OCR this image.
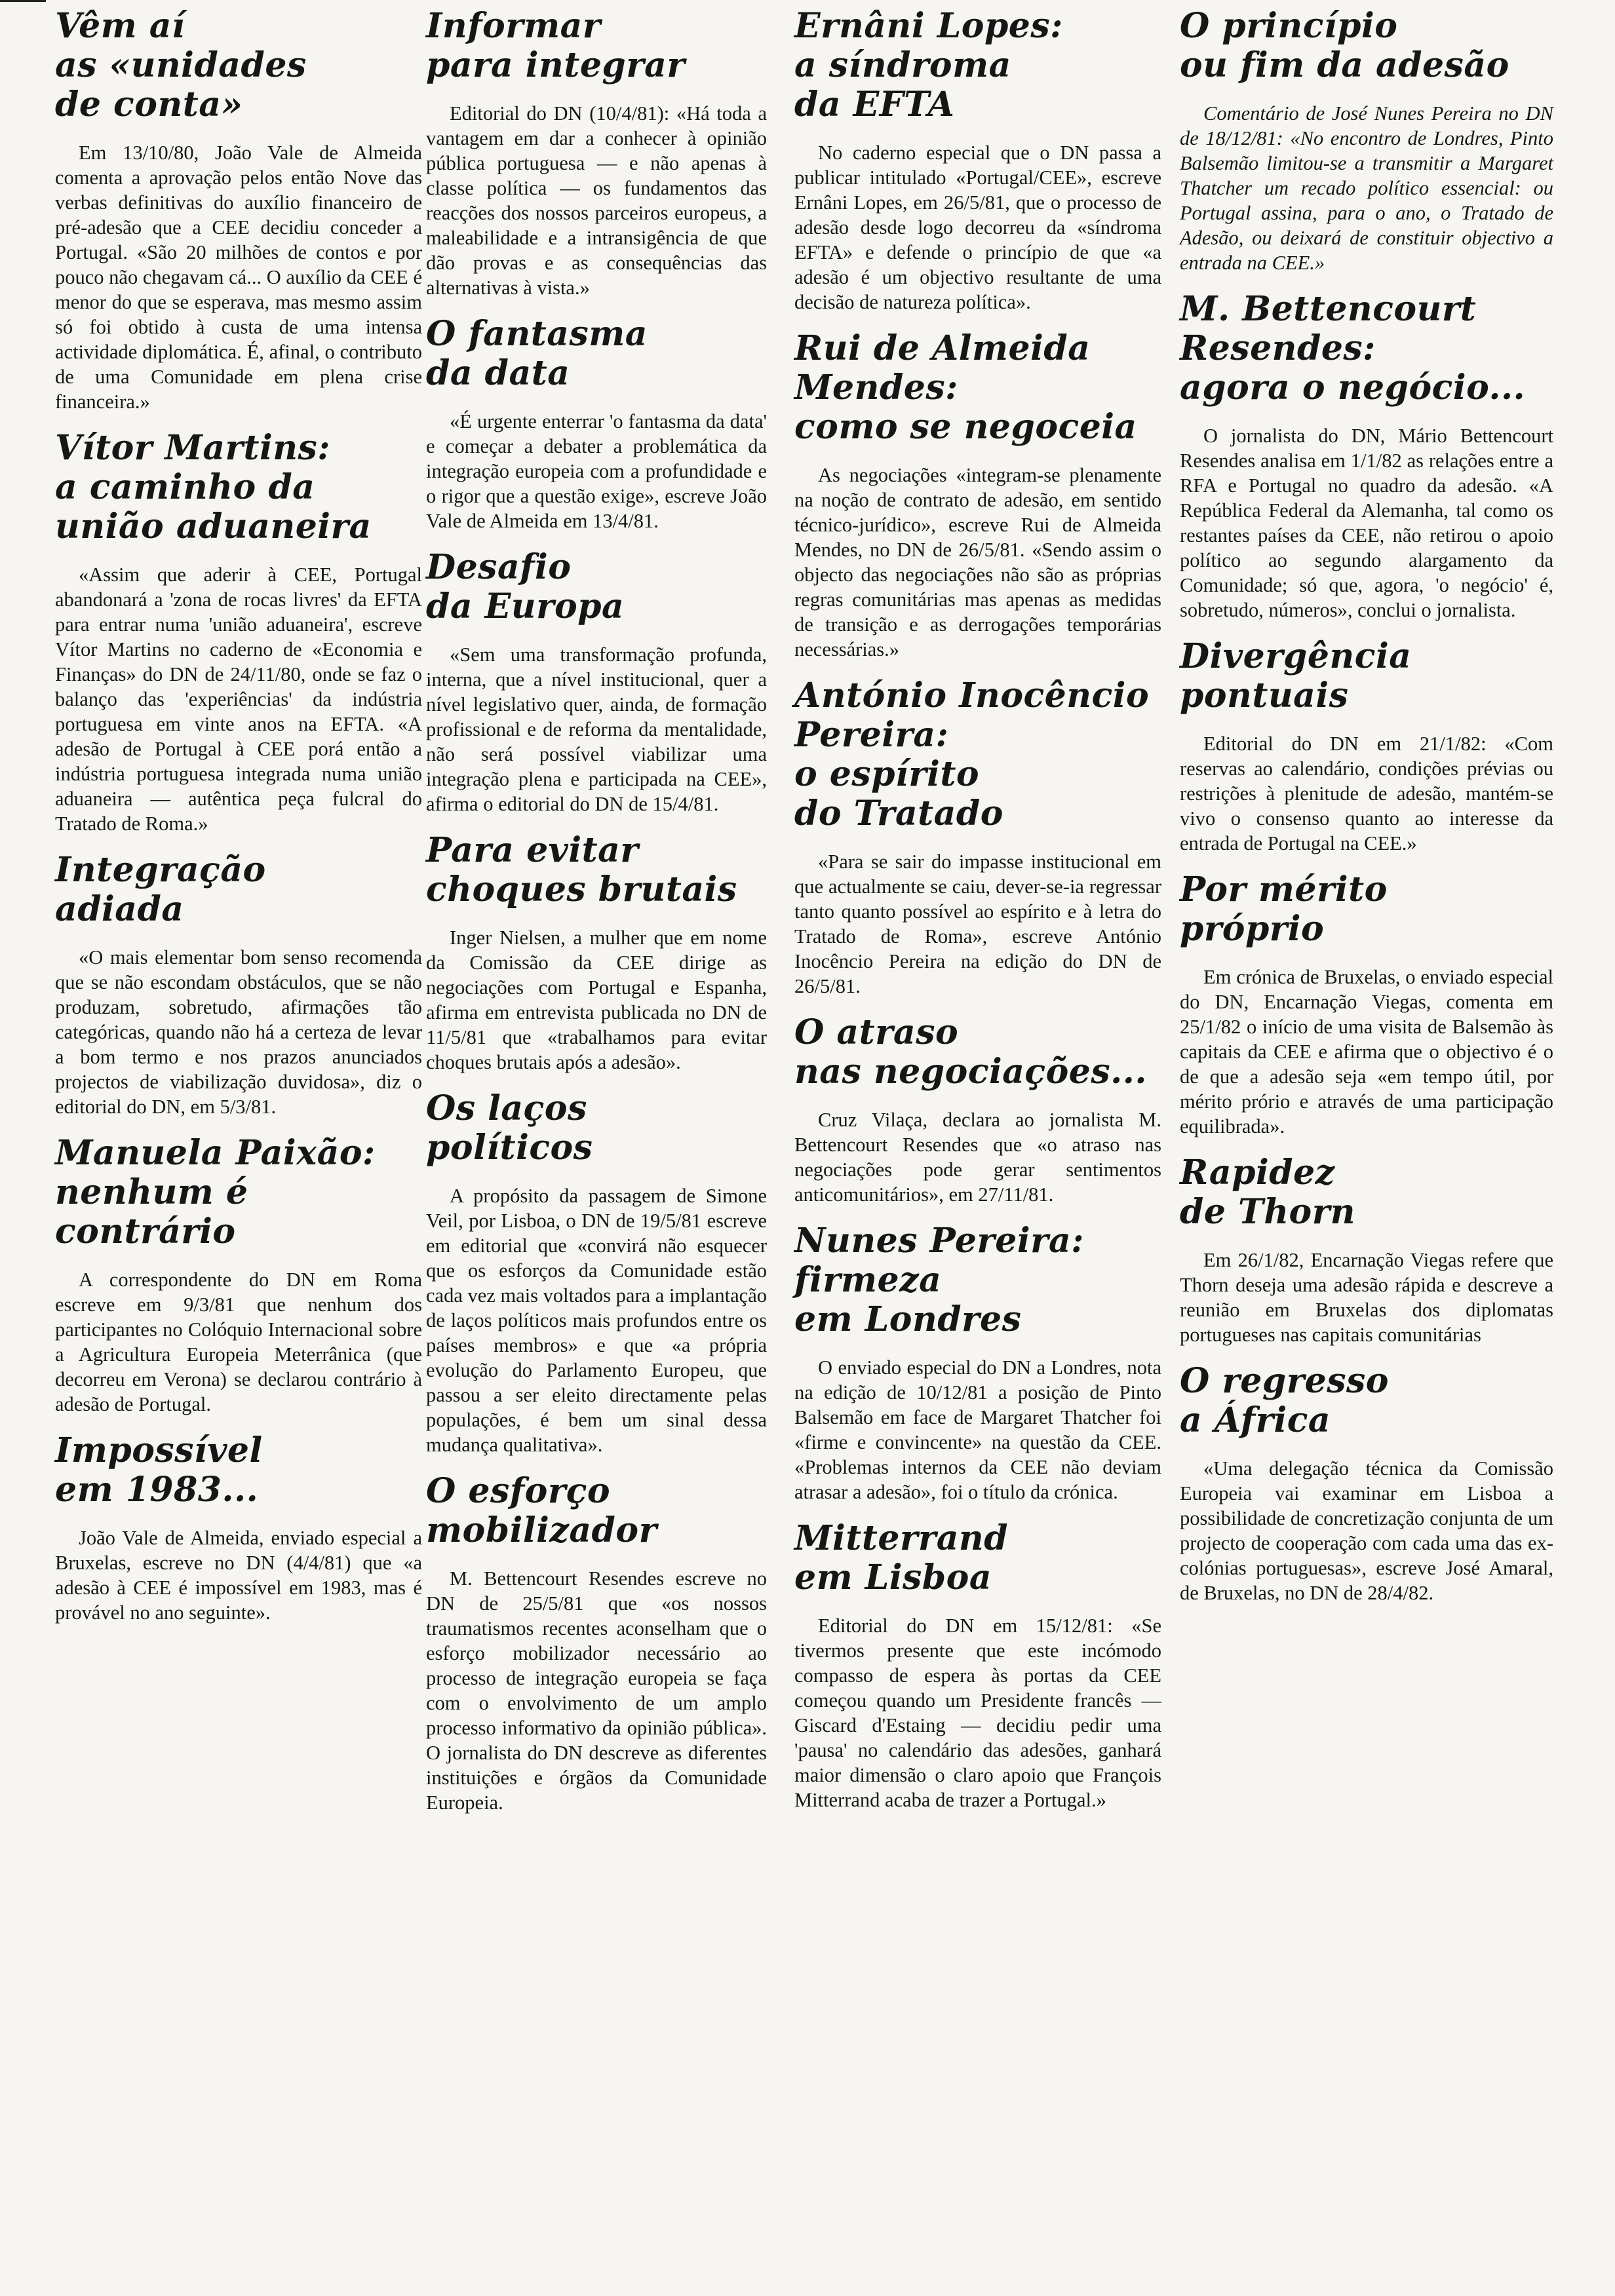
Vêm aí
as «unidades
de conta»

Em 13/10/80, João Vale de Almeida comenta a aprovação pelos então Nove das verbas definitivas do auxílio financeiro de pré-adesão que a CEE decidiu conceder a Portugal. «São 20 milhões de contos e por pouco não chegavam cá... O auxílio da CEE é menor do que se esperava, mas mesmo assim só foi obtido à custa de uma intensa actividade diplomática. É, afinal, o contributo de uma Comunidade em plena crise financeira.»

Vítor Martins:
a caminho da
união aduaneira

«Assim que aderir à CEE, Portugal abandonará a 'zona de rocas livres' da EFTA para entrar numa 'união aduaneira', escreve Vítor Martins no caderno de «Economia e Finanças» do DN de 24/11/80, onde se faz o balanço das 'experiências' da indústria portuguesa em vinte anos na EFTA. «A adesão de Portugal à CEE porá então a indústria portuguesa integrada numa união aduaneira — autêntica peça fulcral do Tratado de Roma.»

Integração
adiada

«O mais elementar bom senso recomenda que se não escondam obstáculos, que se não produzam, sobretudo, afirmações tão categóricas, quando não há a certeza de levar a bom termo e nos prazos anunciados projectos de viabilização duvidosa», diz o editorial do DN, em 5/3/81.

Manuela Paixão:
nenhum é contrário

A correspondente do DN em Roma escreve em 9/3/81 que nenhum dos participantes no Colóquio Internacional sobre a Agricultura Europeia Meterrânica (que decorreu em Verona) se declarou contrário à adesão de Portugal.

Impossível
em 1983...

João Vale de Almeida, enviado especial a Bruxelas, escreve no DN (4/4/81) que «a adesão à CEE é impossível em 1983, mas é provável no ano seguinte».

Informar
para integrar

Editorial do DN (10/4/81): «Há toda a vantagem em dar a conhecer à opinião pública portuguesa — e não apenas à classe política — os fundamentos das reacções dos nossos parceiros europeus, a maleabilidade e a intransigência de que dão provas e as consequências das alternativas à vista.»

O fantasma
da data

«É urgente enterrar 'o fantasma da data' e começar a debater a problemática da integração europeia com a profundidade e o rigor que a questão exige», escreve João Vale de Almeida em 13/4/81.

Desafio
da Europa

«Sem uma transformação profunda, interna, que a nível institucional, quer a nível legislativo quer, ainda, de formação profissional e de reforma da mentalidade, não será possível viabilizar uma integração plena e participada na CEE», afirma o editorial do DN de 15/4/81.

Para evitar
choques brutais

Inger Nielsen, a mulher que em nome da Comissão da CEE dirige as negociações com Portugal e Espanha, afirma em entrevista publicada no DN de 11/5/81 que «trabalhamos para evitar choques brutais após a adesão».

Os laços
políticos

A propósito da passagem de Simone Veil, por Lisboa, o DN de 19/5/81 escreve em editorial que «convirá não esquecer que os esforços da Comunidade estão cada vez mais voltados para a implantação de laços políticos mais profundos entre os países membros» e que «a própria evolução do Parlamento Europeu, que passou a ser eleito directamente pelas populações, é bem um sinal dessa mudança qualitativa».

O esforço
mobilizador

M. Bettencourt Resendes escreve no DN de 25/5/81 que «os nossos traumatismos recentes aconselham que o esforço mobilizador necessário ao processo de integração europeia se faça com o envolvimento de um amplo processo informativo da opinião pública». O jornalista do DN descreve as diferentes instituições e órgãos da Comunidade Europeia.

Ernâni Lopes:
a síndroma
da EFTA

No caderno especial que o DN passa a publicar intitulado «Portugal/CEE», escreve Ernâni Lopes, em 26/5/81, que o processo de adesão desde logo decorreu da «síndroma EFTA» e defende o princípio de que «a adesão é um objectivo resultante de uma decisão de natureza política».

Rui de Almeida
Mendes:
como se negoceia

As negociações «integram-se plenamente na noção de contrato de adesão, em sentido técnico-jurídico», escreve Rui de Almeida Mendes, no DN de 26/5/81. «Sendo assim o objecto das negociações não são as próprias regras comunitárias mas apenas as medidas de transição e as derrogações temporárias necessárias.»

António Inocêncio
Pereira:
o espírito
do Tratado

«Para se sair do impasse institucional em que actualmente se caiu, dever-se-ia regressar tanto quanto possível ao espírito e à letra do Tratado de Roma», escreve António Inocêncio Pereira na edição do DN de 26/5/81.

O atraso
nas negociações...

Cruz Vilaça, declara ao jornalista M. Bettencourt Resendes que «o atraso nas negociações pode gerar sentimentos anticomunitários», em 27/11/81.

Nunes Pereira:
firmeza
em Londres

O enviado especial do DN a Londres, nota na edição de 10/12/81 a posição de Pinto Balsemão em face de Margaret Thatcher foi «firme e convincente» na questão da CEE. «Problemas internos da CEE não deviam atrasar a adesão», foi o título da crónica.

Mitterrand
em Lisboa

Editorial do DN em 15/12/81: «Se tivermos presente que este incómodo compasso de espera às portas da CEE começou quando um Presidente francês — Giscard d'Estaing — decidiu pedir uma 'pausa' no calendário das adesões, ganhará maior dimensão o claro apoio que François Mitterrand acaba de trazer a Portugal.»

O princípio
ou fim da adesão

Comentário de José Nunes Pereira no DN de 18/12/81: «No encontro de Londres, Pinto Balsemão limitou-se a transmitir a Margaret Thatcher um recado político essencial: ou Portugal assina, para o ano, o Tratado de Adesão, ou deixará de constituir objectivo a entrada na CEE.»

M. Bettencourt
Resendes:
agora o negócio...

O jornalista do DN, Mário Bettencourt Resendes analisa em 1/1/82 as relações entre a RFA e Portugal no quadro da adesão. «A República Federal da Alemanha, tal como os restantes países da CEE, não retirou o apoio político ao segundo alargamento da Comunidade; só que, agora, 'o negócio' é, sobretudo, números», conclui o jornalista.

Divergência
pontuais

Editorial do DN em 21/1/82: «Com reservas ao calendário, condições prévias ou restrições à plenitude de adesão, mantém-se vivo o consenso quanto ao interesse da entrada de Portugal na CEE.»

Por mérito
próprio

Em crónica de Bruxelas, o enviado especial do DN, Encarnação Viegas, comenta em 25/1/82 o início de uma visita de Balsemão às capitais da CEE e afirma que o objectivo é o de que a adesão seja «em tempo útil, por mérito prório e através de uma participação equilibrada».

Rapidez
de Thorn

Em 26/1/82, Encarnação Viegas refere que Thorn deseja uma adesão rápida e descreve a reunião em Bruxelas dos diplomatas portugueses nas capitais comunitárias

O regresso
a África

«Uma delegação técnica da Comissão Europeia vai examinar em Lisboa a possibilidade de concretização conjunta de um projecto de cooperação com cada uma das ex-colónias portuguesas», escreve José Amaral, de Bruxelas, no DN de 28/4/82.
